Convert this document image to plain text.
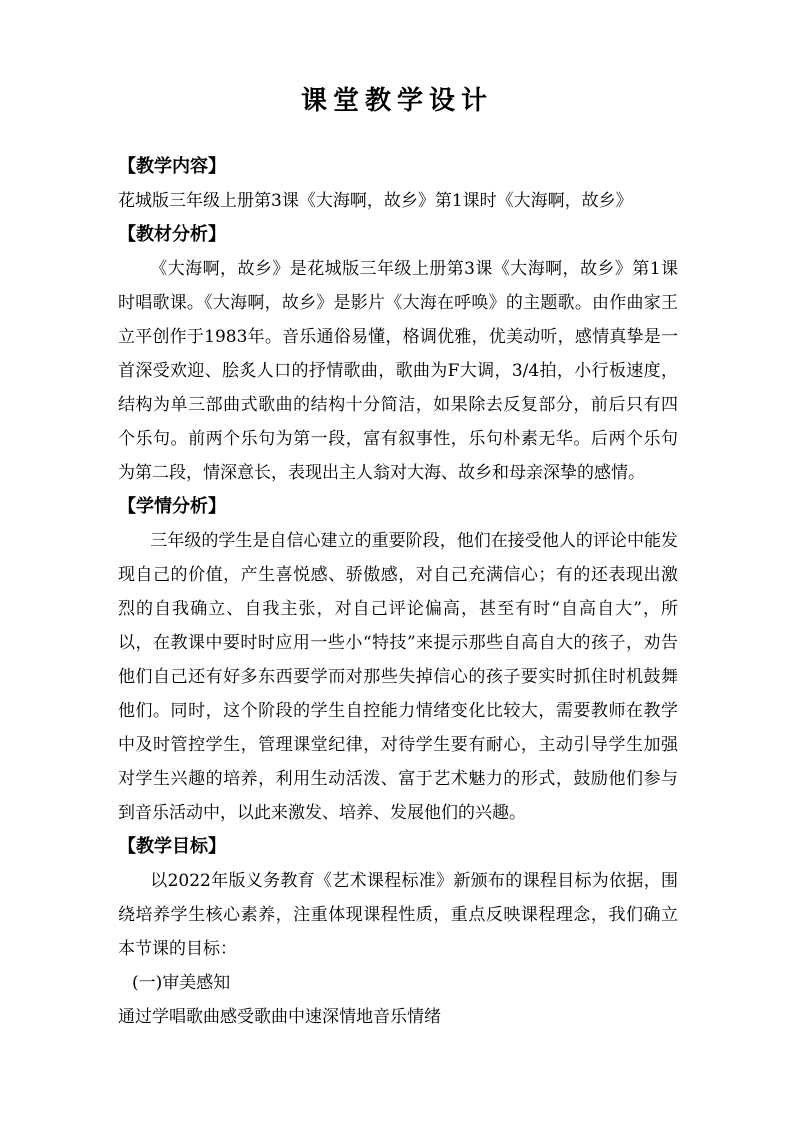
课堂教学设计
【教学内容】
花城版三年级上册第3课《大海啊，故乡》第1课时《大海啊，故乡》
【教材分析】

《大海啊，故乡》是花城版三年级上册第3课《大海啊，故乡》第1课时唱歌课。《大海啊，故乡》是影片《大海在呼唤》的主题歌。由作曲家王立平创作于1983年。音乐通俗易懂，格调优雅，优美动听，感情真挚是一首深受欢迎、脍炙人口的抒情歌曲，歌曲为F大调，3/4拍，小行板速度，结构为单三部曲式歌曲的结构十分简洁，如果除去反复部分，前后只有四个乐句。前两个乐句为第一段，富有叙事性，乐句朴素无华。后两个乐句为第二段，情深意长，表现出主人翁对大海、故乡和母亲深挚的感情。

【学情分析】

三年级的学生是自信心建立的重要阶段，他们在接受他人的评论中能发现自己的价值，产生喜悦感、骄傲感，对自己充满信心；有的还表现出激烈的自我确立、自我主张，对自己评论偏高，甚至有时“自高自大”，所以，在教课中要时时应用一些小“特技”来提示那些自高自大的孩子，劝告他们自己还有好多东西要学而对那些失掉信心的孩子要实时抓住时机鼓舞他们。同时，这个阶段的学生自控能力情绪变化比较大，需要教师在教学中及时管控学生，管理课堂纪律，对待学生要有耐心，主动引导学生加强对学生兴趣的培养，利用生动活泼、富于艺术魅力的形式，鼓励他们参与到音乐活动中，以此来激发、培养、发展他们的兴趣。

【教学目标】

以2022年版义务教育《艺术课程标准》新颁布的课程目标为依据，围绕培养学生核心素养，注重体现课程性质，重点反映课程理念，我们确立本节课的目标：

(一)审美感知
通过学唱歌曲感受歌曲中速深情地音乐情绪
